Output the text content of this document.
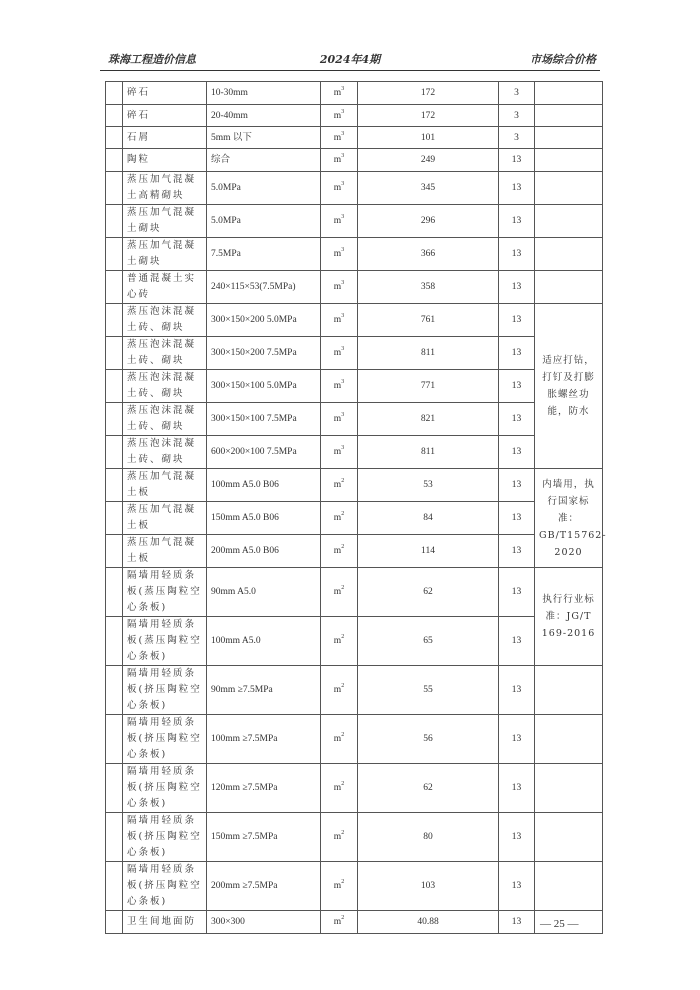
珠海工程造价信息	2024年4期	市场综合价格
	碎石	10-30mm	$m^3$	172	3	
	碎石	20-40mm	$m^3$	172	3	
	石屑	5mm 以下	$m^3$	101	3	
	陶粒	综合	$m^3$	249	13	
	蒸压加气混凝土高精砌块	5.0MPa	$m^3$	345	13	
	蒸压加气混凝土砌块	5.0MPa	$m^3$	296	13	
	蒸压加气混凝土砌块	7.5MPa	$m^3$	366	13	
	普通混凝土实心砖	240×115×53(7.5MPa)	$m^3$	358	13	
	蒸压泡沫混凝土砖、砌块	300×150×200 5.0MPa	$m^3$	761	13	适应打钻，打钉及打膨胀螺丝功能，防水
	蒸压泡沫混凝土砖、砌块	300×150×200 7.5MPa	$m^3$	811	13	
	蒸压泡沫混凝土砖、砌块	300×150×100 5.0MPa	$m^3$	771	13	
	蒸压泡沫混凝土砖、砌块	300×150×100 7.5MPa	$m^3$	821	13	
	蒸压泡沫混凝土砖、砌块	600×200×100 7.5MPa	$m^3$	811	13	
	蒸压加气混凝土板	100mm A5.0 B06	$m^2$	53	13	内墙用，执行国家标准：GB/T15762-2020
	蒸压加气混凝土板	150mm A5.0 B06	$m^2$	84	13	
	蒸压加气混凝土板	200mm A5.0 B06	$m^2$	114	13	
	隔墙用轻质条板(蒸压陶粒空心条板)	90mm A5.0	$m^2$	62	13	执行行业标准：JG/T 169-2016
	隔墙用轻质条板(蒸压陶粒空心条板)	100mm A5.0	$m^2$	65	13	
	隔墙用轻质条板(挤压陶粒空心条板)	90mm ≥7.5MPa	$m^2$	55	13	
	隔墙用轻质条板(挤压陶粒空心条板)	100mm ≥7.5MPa	$m^2$	56	13	
	隔墙用轻质条板(挤压陶粒空心条板)	120mm ≥7.5MPa	$m^2$	62	13	
	隔墙用轻质条板(挤压陶粒空心条板)	150mm ≥7.5MPa	$m^2$	80	13	
	隔墙用轻质条板(挤压陶粒空心条板)	200mm ≥7.5MPa	$m^2$	103	13	
	卫生间地面防	300×300	$m^2$	40.88	13	— 25 —
